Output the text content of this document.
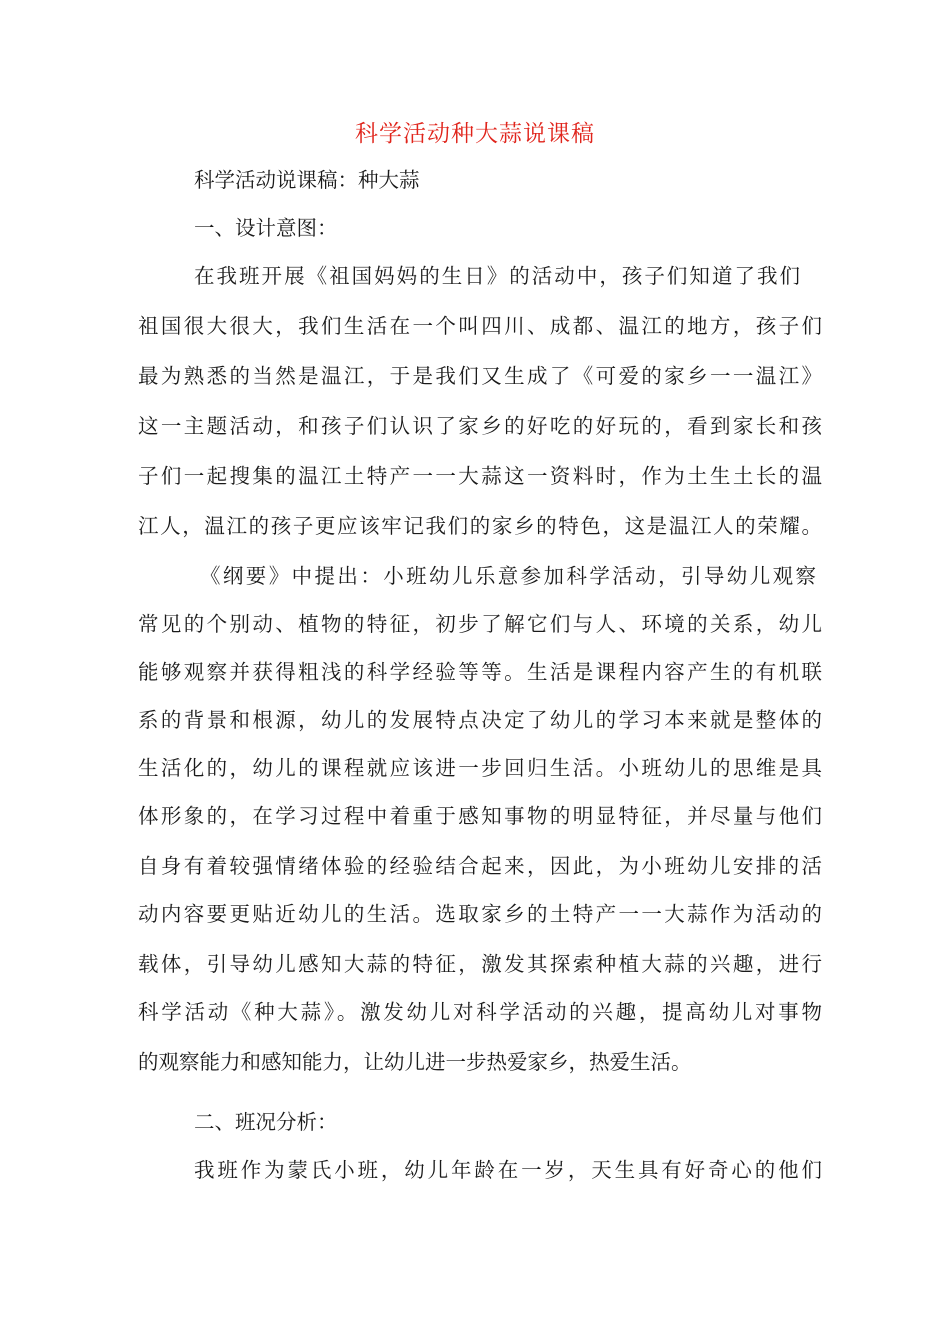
科学活动种大蒜说课稿
科学活动说课稿：种大蒜
一、设计意图：
在我班开展《祖国妈妈的生日》的活动中，孩子们知道了我们
祖国很大很大，我们生活在一个叫四川、成都、温江的地方，孩子们
最为熟悉的当然是温江，于是我们又生成了《可爱的家乡一一温江》
这一主题活动，和孩子们认识了家乡的好吃的好玩的，看到家长和孩
子们一起搜集的温江土特产一一大蒜这一资料时，作为土生土长的温
江人，温江的孩子更应该牢记我们的家乡的特色，这是温江人的荣耀。
《纲要》中提出：小班幼儿乐意参加科学活动，引导幼儿观察
常见的个别动、植物的特征，初步了解它们与人、环境的关系，幼儿
能够观察并获得粗浅的科学经验等等。生活是课程内容产生的有机联
系的背景和根源，幼儿的发展特点决定了幼儿的学习本来就是整体的
生活化的，幼儿的课程就应该进一步回归生活。小班幼儿的思维是具
体形象的，在学习过程中着重于感知事物的明显特征，并尽量与他们
自身有着较强情绪体验的经验结合起来，因此，为小班幼儿安排的活
动内容要更贴近幼儿的生活。选取家乡的土特产一一大蒜作为活动的
载体，引导幼儿感知大蒜的特征，激发其探索种植大蒜的兴趣，进行
科学活动《种大蒜》。激发幼儿对科学活动的兴趣，提高幼儿对事物
的观察能力和感知能力，让幼儿进一步热爱家乡，热爱生活。
二、班况分析：
我班作为蒙氏小班，幼儿年龄在一岁，天生具有好奇心的他们
